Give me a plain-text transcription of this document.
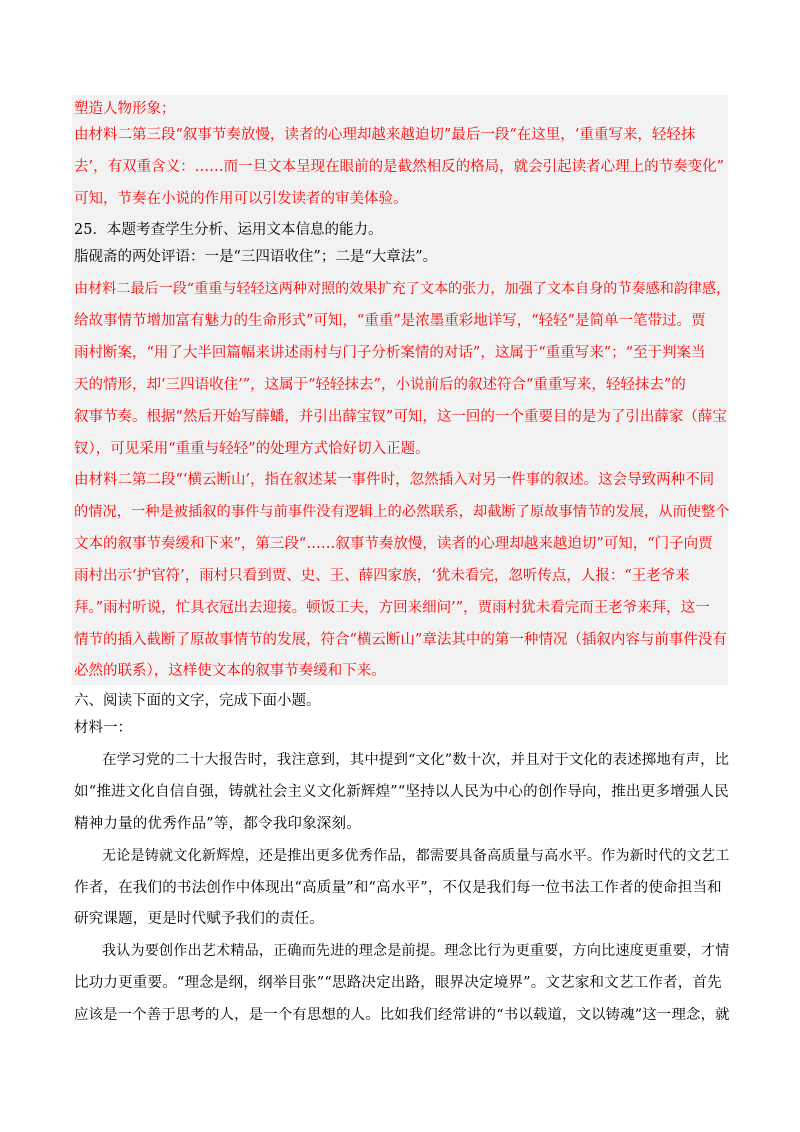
塑造人物形象；
由材料二第三段“叙事节奏放慢，读者的心理却越来越迫切”最后一段“在这里，‘重重写来，轻轻抹
去’，有双重含义：……而一旦文本呈现在眼前的是截然相反的格局，就会引起读者心理上的节奏变化”
可知，节奏在小说的作用可以引发读者的审美体验。
25．本题考查学生分析、运用文本信息的能力。
脂砚斋的两处评语：一是“三四语收住”；二是“大章法”。
由材料二最后一段“重重与轻轻这两种对照的效果扩充了文本的张力，加强了文本自身的节奏感和韵律感，
给故事情节增加富有魅力的生命形式”可知，“重重”是浓墨重彩地详写，“轻轻”是简单一笔带过。贾
雨村断案，“用了大半回篇幅来讲述雨村与门子分析案情的对话”，这属于“重重写来”；“至于判案当
天的情形，却‘三四语收住’”，这属于“轻轻抹去”，小说前后的叙述符合“重重写来，轻轻抹去”的
叙事节奏。根据“然后开始写薛蟠，并引出薛宝钗”可知，这一回的一个重要目的是为了引出薛家（薛宝
钗），可见采用“重重与轻轻”的处理方式恰好切入正题。
由材料二第二段“‘横云断山’，指在叙述某一事件时，忽然插入对另一件事的叙述。这会导致两种不同
的情况，一种是被插叙的事件与前事件没有逻辑上的必然联系，却截断了原故事情节的发展，从而使整个
文本的叙事节奏缓和下来”，第三段“……叙事节奏放慢，读者的心理却越来越迫切”可知，“门子向贾
雨村出示‘护官符’，雨村只看到贾、史、王、薛四家族，‘犹未看完，忽听传点，人报：“王老爷来
拜。”雨村听说，忙具衣冠出去迎接。顿饭工夫，方回来细问’”，贾雨村犹未看完而王老爷来拜，这一
情节的插入截断了原故事情节的发展，符合“横云断山”章法其中的第一种情况（插叙内容与前事件没有
必然的联系），这样使文本的叙事节奏缓和下来。
六、阅读下面的文字，完成下面小题。
材料一：
在学习党的二十大报告时，我注意到，其中提到“文化”数十次，并且对于文化的表述掷地有声，比
如“推进文化自信自强，铸就社会主义文化新辉煌”“坚持以人民为中心的创作导向，推出更多增强人民
精神力量的优秀作品”等，都令我印象深刻。
无论是铸就文化新辉煌，还是推出更多优秀作品，都需要具备高质量与高水平。作为新时代的文艺工
作者，在我们的书法创作中体现出“高质量”和“高水平”，不仅是我们每一位书法工作者的使命担当和
研究课题，更是时代赋予我们的责任。
我认为要创作出艺术精品，正确而先进的理念是前提。理念比行为更重要，方向比速度更重要，才情
比功力更重要。“理念是纲，纲举目张”“思路决定出路，眼界决定境界”。文艺家和文艺工作者，首先
应该是一个善于思考的人，是一个有思想的人。比如我们经常讲的“书以载道，文以铸魂”这一理念，就
